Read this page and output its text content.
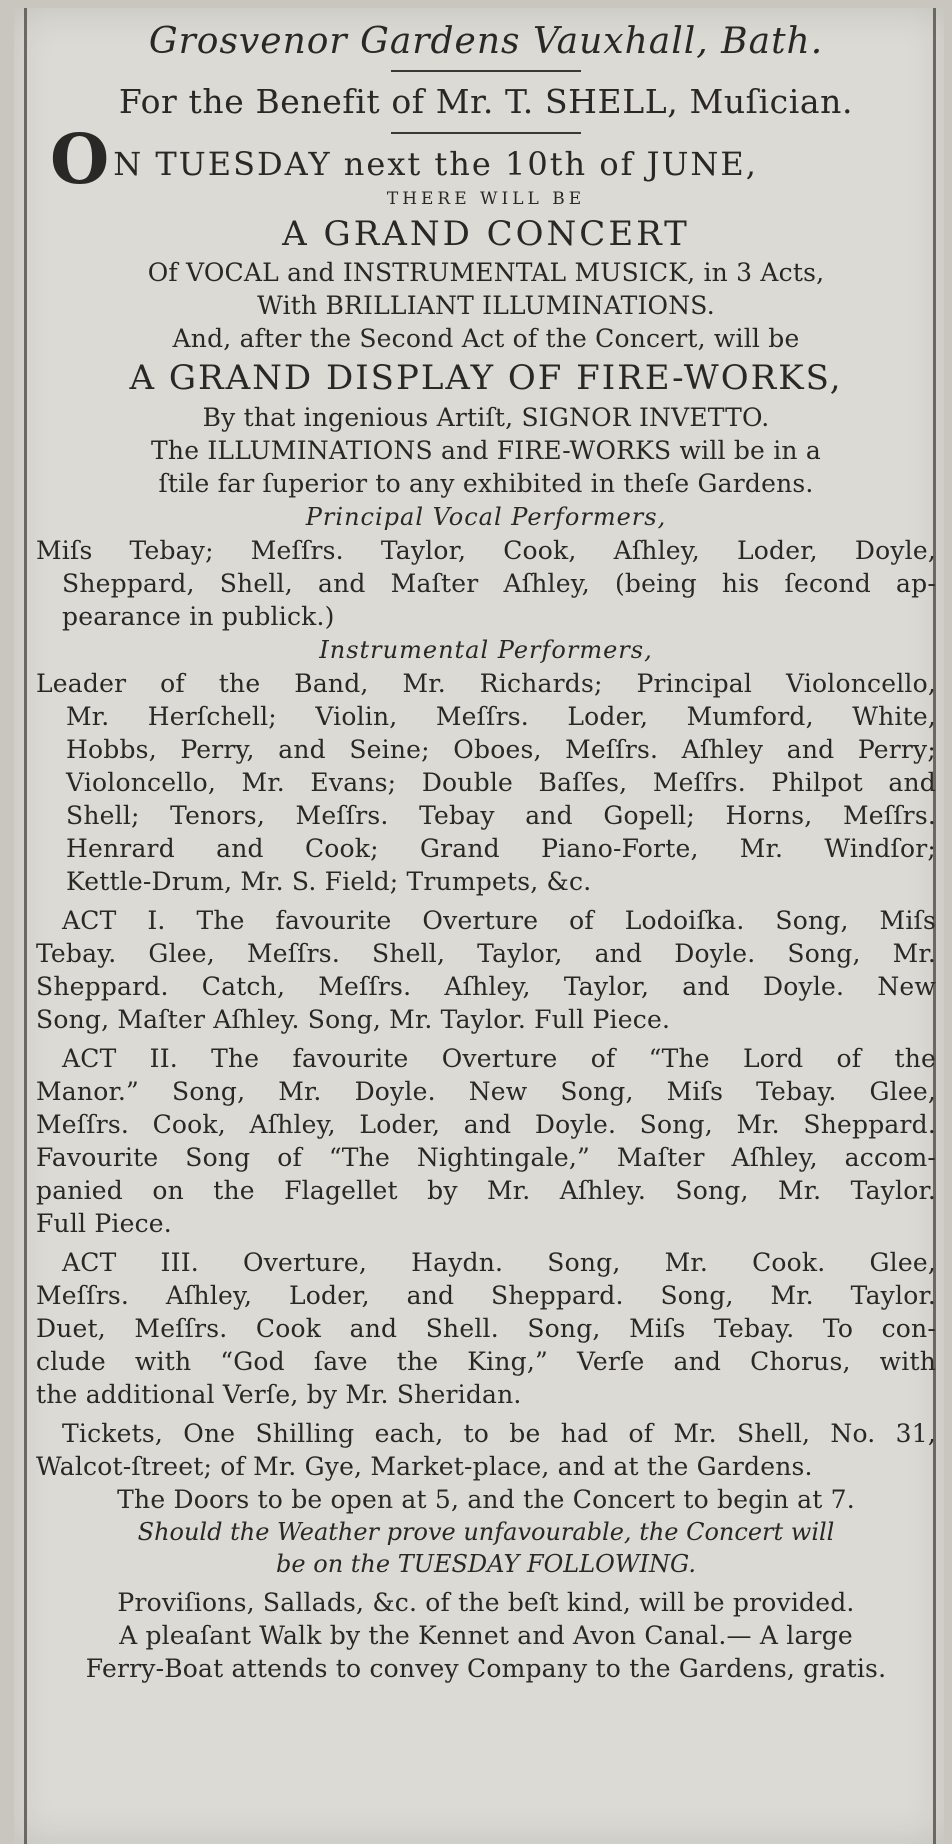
Grosvenor Gardens Vauxhall, Bath.
For the Benefit of Mr. T. SHELL, Muſician.
ON TUESDAY next the 10th of JUNE,
THERE WILL BE
A GRAND CONCERT
Of VOCAL and INSTRUMENTAL MUSICK, in 3 Acts,
With BRILLIANT ILLUMINATIONS.
And, after the Second Act of the Concert, will be
A GRAND DISPLAY OF FIRE-WORKS,
By that ingenious Artiſt, SIGNOR INVETTO.
The ILLUMINATIONS and FIRE-WORKS will be in a
ſtile far ſuperior to any exhibited in theſe Gardens.
Principal Vocal Performers,

Miſs Tebay; Meſſrs. Taylor, Cook, Aſhley, Loder, Doyle,

Sheppard, Shell, and Maſter Aſhley, (being his ſecond ap-

pearance in publick.)

Instrumental Performers,

Leader of the Band, Mr. Richards; Principal Violoncello,

Mr. Herſchell; Violin, Meſſrs. Loder, Mumford, White,

Hobbs, Perry, and Seine; Oboes, Meſſrs. Aſhley and Perry;

Violoncello, Mr. Evans; Double Baſſes, Meſſrs. Philpot and

Shell; Tenors, Meſſrs. Tebay and Gopell; Horns, Meſſrs.

Henrard and Cook; Grand Piano-Forte, Mr. Windſor;

Kettle-Drum, Mr. S. Field; Trumpets, &c.

ACT I. The favourite Overture of Lodoiſka. Song, Miſs

Tebay. Glee, Meſſrs. Shell, Taylor, and Doyle. Song, Mr.

Sheppard. Catch, Meſſrs. Aſhley, Taylor, and Doyle. New

Song, Maſter Aſhley. Song, Mr. Taylor. Full Piece.

ACT II. The favourite Overture of “The Lord of the

Manor.” Song, Mr. Doyle. New Song, Miſs Tebay. Glee,

Meſſrs. Cook, Aſhley, Loder, and Doyle. Song, Mr. Sheppard.

Favourite Song of “The Nightingale,” Maſter Aſhley, accom-

panied on the Flagellet by Mr. Aſhley. Song, Mr. Taylor.

Full Piece.

ACT III. Overture, Haydn. Song, Mr. Cook. Glee,

Meſſrs. Aſhley, Loder, and Sheppard. Song, Mr. Taylor.

Duet, Meſſrs. Cook and Shell. Song, Miſs Tebay. To con-

clude with “God ſave the King,” Verſe and Chorus, with

the additional Verſe, by Mr. Sheridan.

Tickets, One Shilling each, to be had of Mr. Shell, No. 31,

Walcot-ſtreet; of Mr. Gye, Market-place, and at the Gardens.

The Doors to be open at 5, and the Concert to begin at 7.
Should the Weather prove unfavourable, the Concert will
be on the TUESDAY FOLLOWING.
Proviſions, Sallads, &c. of the beſt kind, will be provided.
A pleaſant Walk by the Kennet and Avon Canal.— A large
Ferry-Boat attends to convey Company to the Gardens, gratis.
